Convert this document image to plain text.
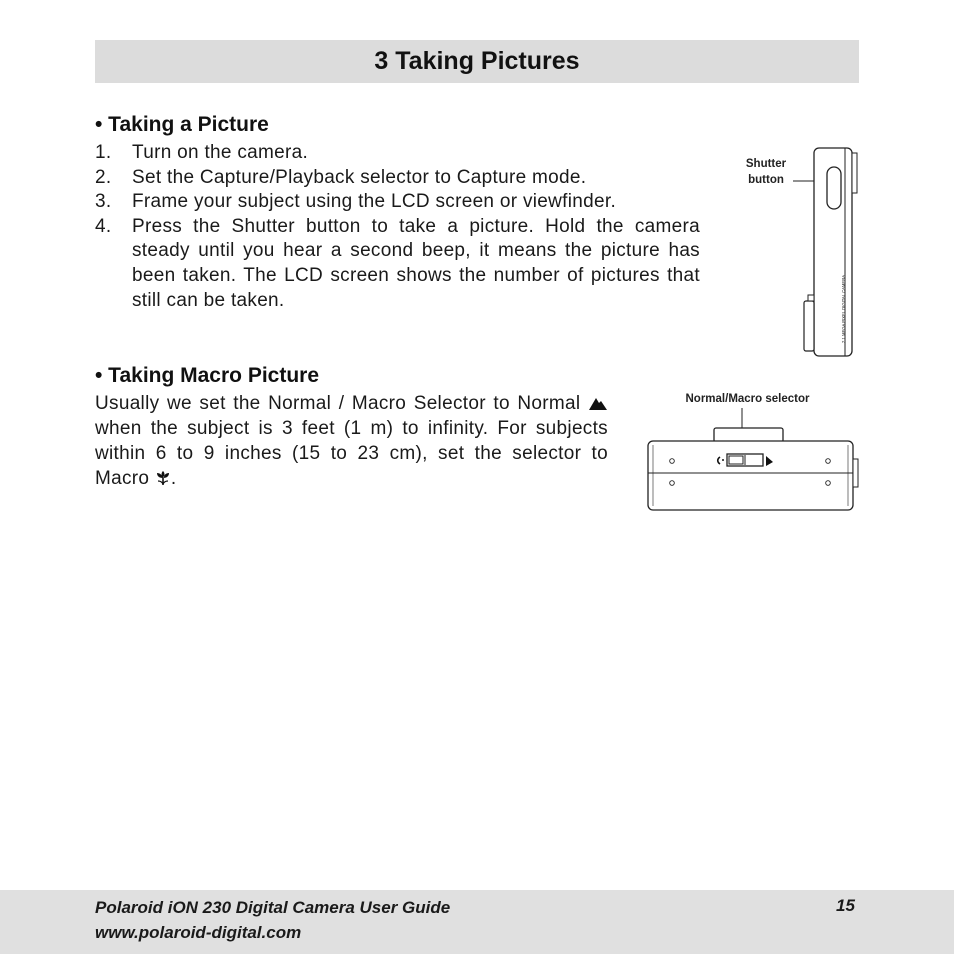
3 Taking Pictures
• Taking a Picture
1.	Turn on the camera.
2.	Set the Capture/Playback selector to Capture mode.
3.	Frame your subject using the LCD screen or viewfinder.
4.	Press the Shutter button to take a picture. Hold the camera steady until you hear a second beep, it means the picture has been taken. The LCD screen shows the number of pictures that still can be taken.
Shutter
button
2.1 MEGA PIXEL DIGITAL CAMERA
• Taking Macro Picture

Usually we set the Normal / Macro Selector to Normal  when the subject is 3 feet (1 m) to infinity. For subjects within 6 to 9 inches (15 to 23 cm), set the selector to Macro .

Normal/Macro selector
Polaroid iON 230 Digital Camera User Guide
www.polaroid-digital.com
15
